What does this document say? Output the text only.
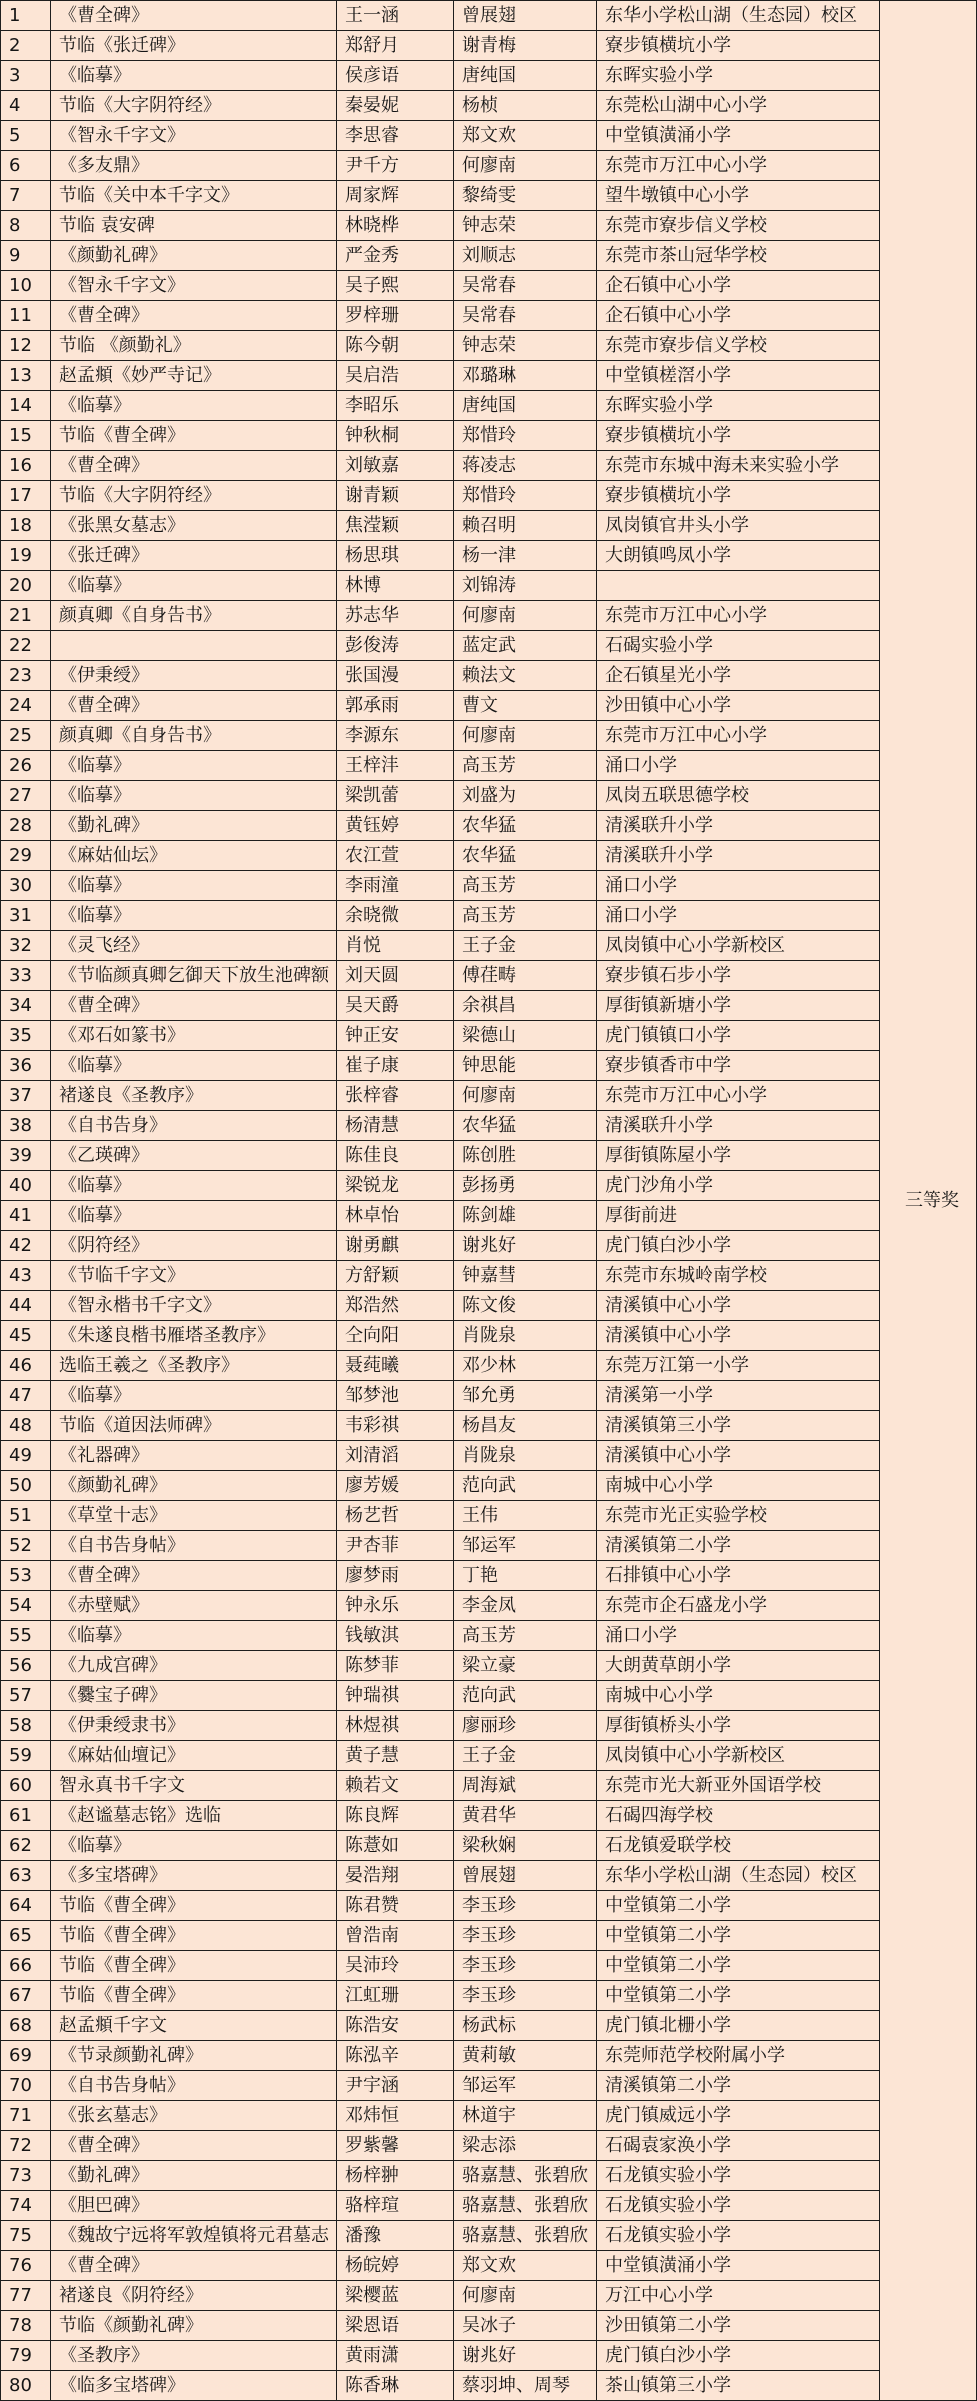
1	《曹全碑》	王一涵	曾展翅	东华小学松山湖（生态园）校区	三等奖
2	节临《张迁碑》	郑舒月	谢青梅	寮步镇横坑小学	
3	《临摹》	侯彦语	唐纯国	东晖实验小学	
4	节临《大字阴符经》	秦晏妮	杨桢	东莞松山湖中心小学	
5	《智永千字文》	李思睿	郑文欢	中堂镇潢涌小学	
6	《多友鼎》	尹千方	何廖南	东莞市万江中心小学	
7	节临《关中本千字文》	周家辉	黎绮雯	望牛墩镇中心小学	
8	节临 袁安碑	林晓桦	钟志荣	东莞市寮步信义学校	
9	《颜勤礼碑》	严金秀	刘顺志	东莞市茶山冠华学校	
10	《智永千字文》	吴子熙	吴常春	企石镇中心小学	
11	《曹全碑》	罗梓珊	吴常春	企石镇中心小学	
12	节临 《颜勤礼》	陈今朝	钟志荣	东莞市寮步信义学校	
13	赵孟頫《妙严寺记》	吴启浩	邓璐琳	中堂镇槎滘小学	
14	《临摹》	李昭乐	唐纯国	东晖实验小学	
15	节临《曹全碑》	钟秋桐	郑惜玲	寮步镇横坑小学	
16	《曹全碑》	刘敏嘉	蒋凌志	东莞市东城中海未来实验小学	
17	节临《大字阴符经》	谢青颖	郑惜玲	寮步镇横坑小学	
18	《张黑女墓志》	焦滢颖	赖召明	凤岗镇官井头小学	
19	《张迁碑》	杨思琪	杨一津	大朗镇鸣凤小学	
20	《临摹》	林博	刘锦涛		
21	颜真卿《自身告书》	苏志华	何廖南	东莞市万江中心小学	
22		彭俊涛	蓝定武	石碣实验小学	
23	《伊秉绶》	张国漫	赖法文	企石镇星光小学	
24	《曹全碑》	郭承雨	曹文	沙田镇中心小学	
25	颜真卿《自身告书》	李源东	何廖南	东莞市万江中心小学	
26	《临摹》	王梓沣	高玉芳	涌口小学	
27	《临摹》	梁凯蕾	刘盛为	凤岗五联思德学校	
28	《勤礼碑》	黄钰婷	农华猛	清溪联升小学	
29	《麻姑仙坛》	农江萱	农华猛	清溪联升小学	
30	《临摹》	李雨潼	高玉芳	涌口小学	
31	《临摹》	余晓微	高玉芳	涌口小学	
32	《灵飞经》	肖悦	王子金	凤岗镇中心小学新校区	
33	《节临颜真卿乞御天下放生池碑额	刘天圆	傅荏畴	寮步镇石步小学	
34	《曹全碑》	吴天爵	余祺昌	厚街镇新塘小学	
35	《邓石如篆书》	钟正安	梁德山	虎门镇镇口小学	
36	《临摹》	崔子康	钟思能	寮步镇香市中学	
37	褚遂良《圣教序》	张梓睿	何廖南	东莞市万江中心小学	
38	《自书告身》	杨清慧	农华猛	清溪联升小学	
39	《乙瑛碑》	陈佳良	陈创胜	厚街镇陈屋小学	
40	《临摹》	梁锐龙	彭扬勇	虎门沙角小学	
41	《临摹》	林卓怡	陈剑雄	厚街前进	
42	《阴符经》	谢勇麒	谢兆好	虎门镇白沙小学	
43	《节临千字文》	方舒颖	钟嘉彗	东莞市东城岭南学校	
44	《智永楷书千字文》	郑浩然	陈文俊	清溪镇中心小学	
45	《朱遂良楷书雁塔圣教序》	仝向阳	肖陇泉	清溪镇中心小学	
46	选临王羲之《圣教序》	聂莼曦	邓少林	东莞万江第一小学	
47	《临摹》	邹梦池	邹允勇	清溪第一小学	
48	节临《道因法师碑》	韦彩祺	杨昌友	清溪镇第三小学	
49	《礼器碑》	刘清滔	肖陇泉	清溪镇中心小学	
50	《颜勤礼碑》	廖芳媛	范向武	南城中心小学	
51	《草堂十志》	杨艺哲	王伟	东莞市光正实验学校	
52	《自书告身帖》	尹杏菲	邹运军	清溪镇第二小学	
53	《曹全碑》	廖梦雨	丁艳	石排镇中心小学	
54	《赤壁赋》	钟永乐	李金凤	东莞市企石盛龙小学	
55	《临摹》	钱敏淇	高玉芳	涌口小学	
56	《九成宫碑》	陈梦菲	梁立豪	大朗黄草朗小学	
57	《爨宝子碑》	钟瑞祺	范向武	南城中心小学	
58	《伊秉绶隶书》	林煜祺	廖丽珍	厚街镇桥头小学	
59	《麻姑仙壇记》	黄子慧	王子金	凤岗镇中心小学新校区	
60	智永真书千字文	赖若文	周海斌	东莞市光大新亚外国语学校	
61	《赵谧墓志铭》选临	陈良辉	黄君华	石碣四海学校	
62	《临摹》	陈薏如	梁秋娴	石龙镇爱联学校	
63	《多宝塔碑》	晏浩翔	曾展翅	东华小学松山湖（生态园）校区	
64	节临《曹全碑》	陈君赞	李玉珍	中堂镇第二小学	
65	节临《曹全碑》	曾浩南	李玉珍	中堂镇第二小学	
66	节临《曹全碑》	吴沛玲	李玉珍	中堂镇第二小学	
67	节临《曹全碑》	江虹珊	李玉珍	中堂镇第二小学	
68	赵孟頫千字文	陈浩安	杨武标	虎门镇北栅小学	
69	《节录颜勤礼碑》	陈泓辛	黄莉敏	东莞师范学校附属小学	
70	《自书告身帖》	尹宇涵	邹运军	清溪镇第二小学	
71	《张玄墓志》	邓炜恒	林道宇	虎门镇威远小学	
72	《曹全碑》	罗紫馨	梁志添	石碣袁家涣小学	
73	《勤礼碑》	杨梓翀	骆嘉慧、张碧欣	石龙镇实验小学	
74	《胆巴碑》	骆梓瑄	骆嘉慧、张碧欣	石龙镇实验小学	
75	《魏故宁远将军敦煌镇将元君墓志	潘豫	骆嘉慧、张碧欣	石龙镇实验小学	
76	《曹全碑》	杨皖婷	郑文欢	中堂镇潢涌小学	
77	褚遂良《阴符经》	梁樱蓝	何廖南	万江中心小学	
78	节临《颜勤礼碑》	梁恩语	吴冰子	沙田镇第二小学	
79	《圣教序》	黄雨潇	谢兆好	虎门镇白沙小学	
80	《临多宝塔碑》	陈香琳	蔡羽坤、周琴	茶山镇第三小学	
